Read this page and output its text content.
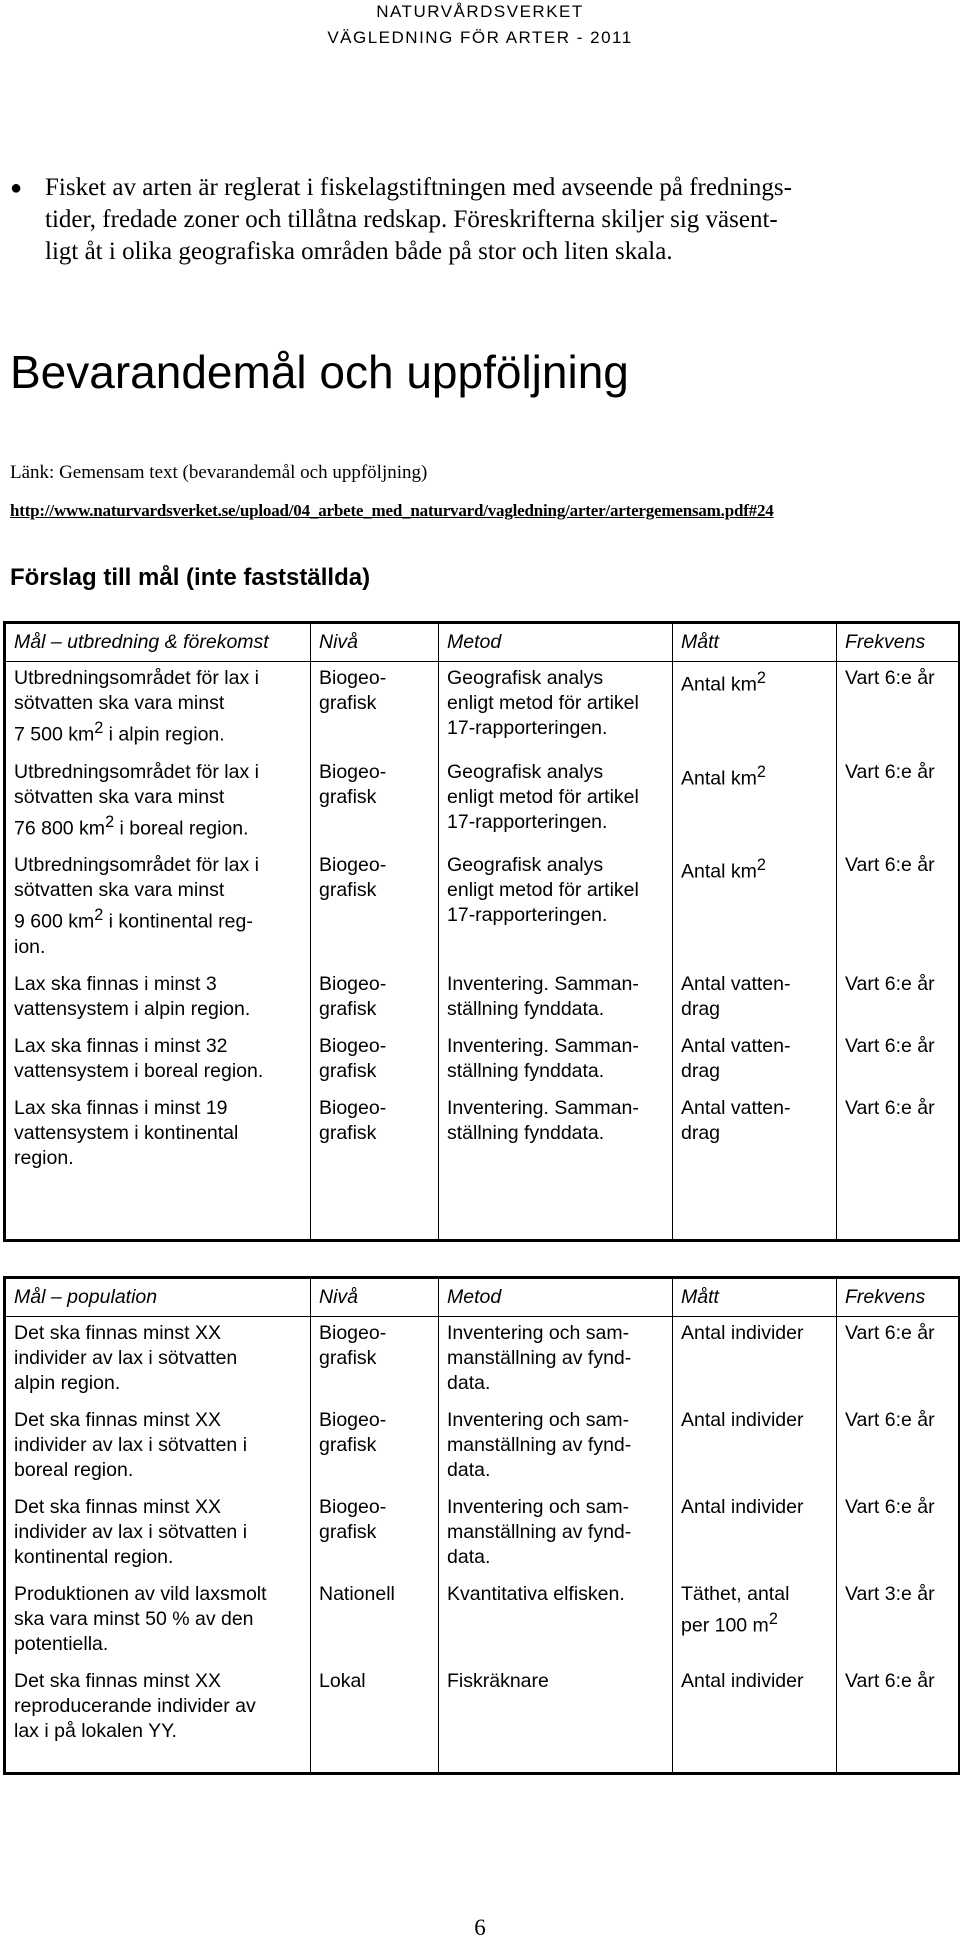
NATURVÅRDSVERKET
VÄGLEDNING FÖR ARTER - 2011
● Fisket av arten är reglerat i fiskelagstiftningen med avseende på frednings-
tider, fredade zoner och tillåtna redskap. Föreskrifterna skiljer sig väsent-
ligt åt i olika geografiska områden både på stor och liten skala.
Bevarandemål och uppföljning
Länk: Gemensam text (bevarandemål och uppföljning)
http://www.naturvardsverket.se/upload/04_arbete_med_naturvard/vagledning/arter/artergemensam.pdf#24
Förslag till mål (inte fastställda)
Mål – utbredning & förekomst	Nivå	Metod	Mått	Frekvens
Utbredningsområdet för lax i
sötvatten ska vara minst
7 500 $km^2$ i alpin region.	Biogeo-
grafisk	Geografisk analys
enligt metod för artikel
17-rapporteringen.	Antal $km^2$	Vart 6:e år
Utbredningsområdet för lax i
sötvatten ska vara minst
76 800 $km^2$ i boreal region.	Biogeo-
grafisk	Geografisk analys
enligt metod för artikel
17-rapporteringen.	Antal $km^2$	Vart 6:e år
Utbredningsområdet för lax i
sötvatten ska vara minst
9 600 $km^2$ i kontinental reg-
ion.	Biogeo-
grafisk	Geografisk analys
enligt metod för artikel
17-rapporteringen.	Antal $km^2$	Vart 6:e år
Lax ska finnas i minst 3
vattensystem i alpin region.	Biogeo-
grafisk	Inventering. Samman-
ställning fynddata.	Antal vatten-
drag	Vart 6:e år
Lax ska finnas i minst 32
vattensystem i boreal region.	Biogeo-
grafisk	Inventering. Samman-
ställning fynddata.	Antal vatten-
drag	Vart 6:e år
Lax ska finnas i minst 19
vattensystem i kontinental
region.	Biogeo-
grafisk	Inventering. Samman-
ställning fynddata.	Antal vatten-
drag	Vart 6:e år

Mål – population	Nivå	Metod	Mått	Frekvens
Det ska finnas minst XX
individer av lax i sötvatten
alpin region.	Biogeo-
grafisk	Inventering och sam-
manställning av fynd-
data.	Antal individer	Vart 6:e år
Det ska finnas minst XX
individer av lax i sötvatten i
boreal region.	Biogeo-
grafisk	Inventering och sam-
manställning av fynd-
data.	Antal individer	Vart 6:e år
Det ska finnas minst XX
individer av lax i sötvatten i
kontinental region.	Biogeo-
grafisk	Inventering och sam-
manställning av fynd-
data.	Antal individer	Vart 6:e år
Produktionen av vild laxsmolt
ska vara minst 50 % av den
potentiella.	Nationell	Kvantitativa elfisken.	Täthet, antal
per 100 $m^2$	Vart 3:e år
Det ska finnas minst XX
reproducerande individer av
lax i på lokalen YY.	Lokal	Fiskräknare	Antal individer	Vart 6:e år

6
